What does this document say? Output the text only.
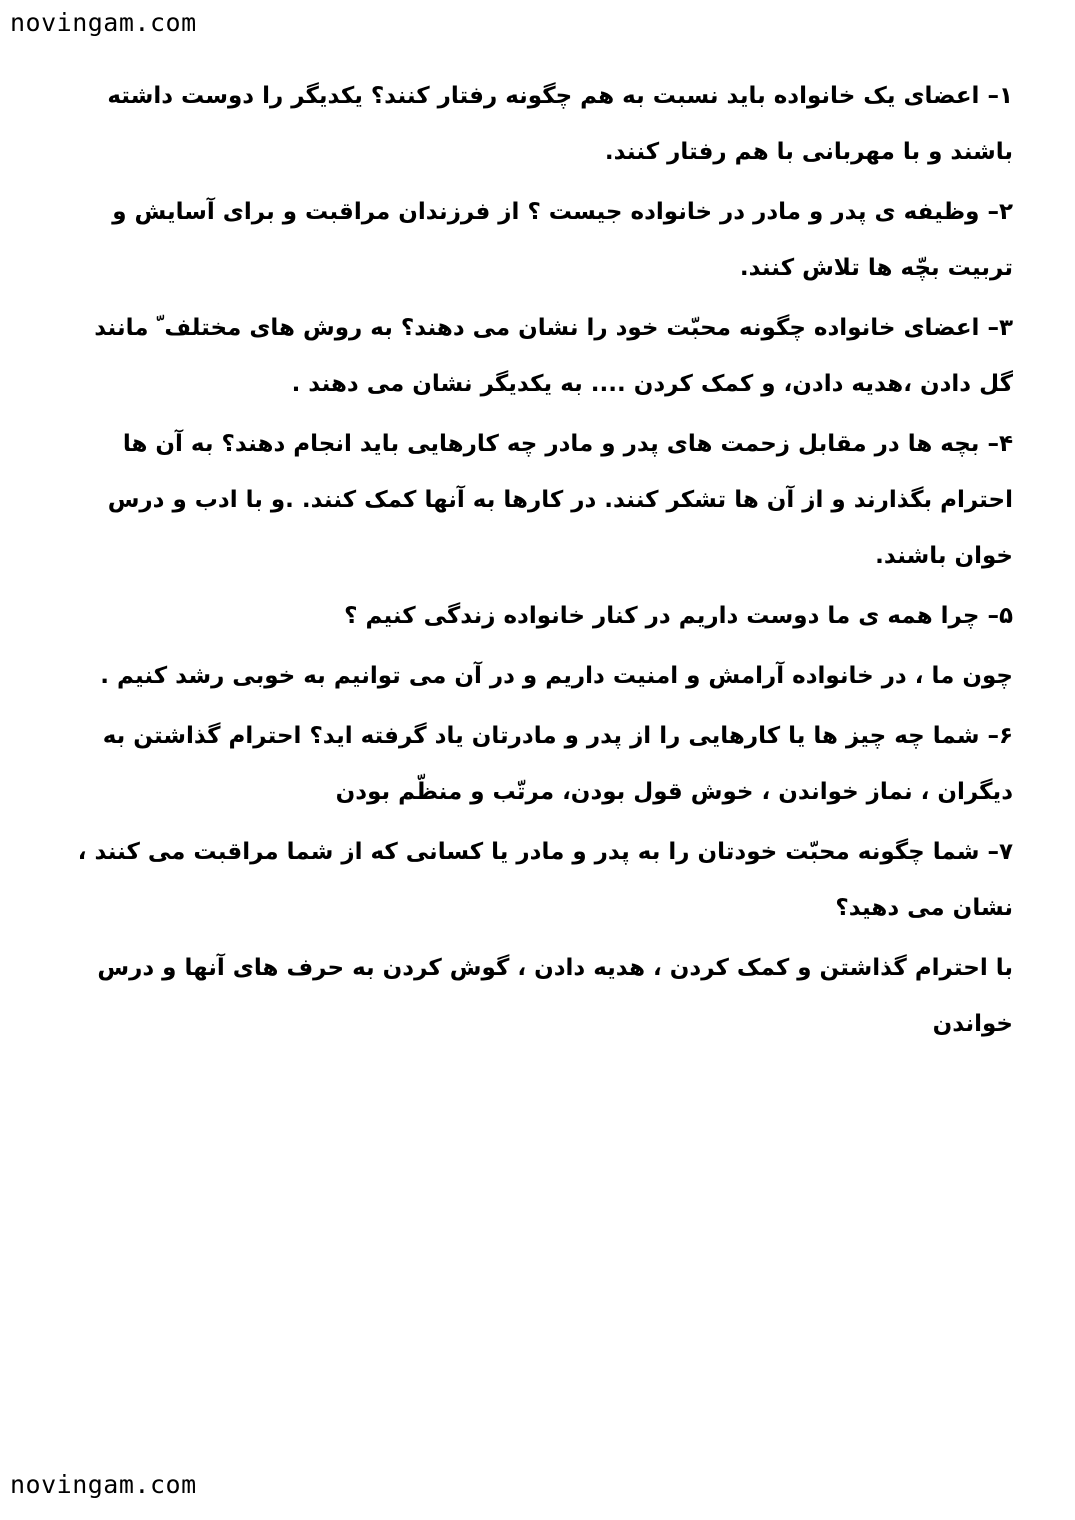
novingam.com

۱– اعضای یک خانواده باید نسبت به هم چگونه رفتار کنند؟ یکدیگر را دوست داشته باشند و با مهربانی با هم رفتار کنند.

۲– وظیفه ی پدر و مادر در خانواده جیست ؟ از فرزندان مراقبت و برای آسایش و تربیت بچّه ها تلاش کنند.

۳– اعضای خانواده چگونه محبّت خود را نشان می دهند؟ به روش های مختلف ّ مانند گل دادن ،هدیه دادن، و کمک کردن .... به یکدیگر نشان می دهند .

۴– بچه ها در مقابل زحمت های پدر و مادر چه کارهایی باید انجام دهند؟ به آن ها احترام بگذارند و از آن ها تشکر کنند. در کارها به آنها کمک کنند. .و با ادب و درس خوان باشند.

۵– چرا همه ی ما دوست داریم در کنار خانواده زندگی کنیم ؟

چون ما ، در خانواده آرامش و امنیت داریم و در آن می توانیم به خوبی رشد کنیم .

۶– شما چه چیز ها یا کارهایی را از پدر و مادرتان یاد گرفته اید؟ احترام گذاشتن به دیگران ، نماز خواندن ، خوش قول بودن، مرتّب و منظّم بودن

۷– شما چگونه محبّت خودتان را به پدر و مادر یا کسانی که از شما مراقبت می کنند ، نشان می دهید؟

با احترام گذاشتن و کمک کردن ، هدیه دادن ، گوش کردن به حرف های آنها و درس خواندن

novingam.com
